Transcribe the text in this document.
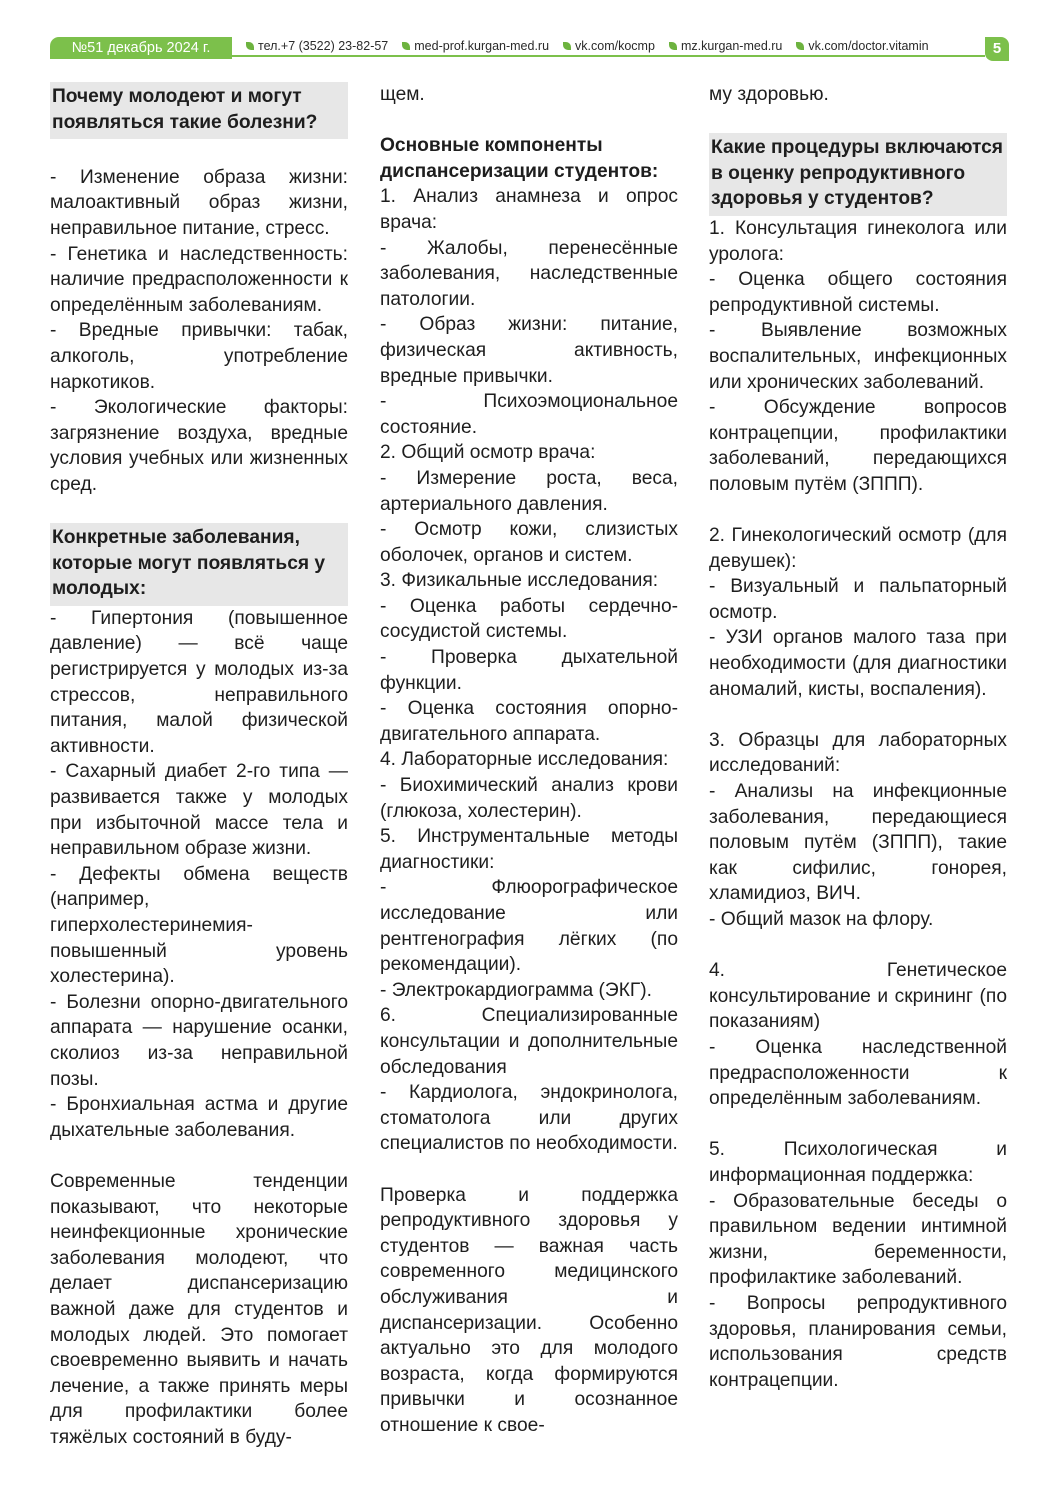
№51 декабрь 2024 г.	тел.+7 (3522) 23-82-57 med-prof.kurgan-med.ru vk.com/kocmp mz.kurgan-med.ru vk.com/doctor.vitamin	5

Почему молодеют и могут появляться такие болезни?

- Изменение образа жизни: малоактивный образ жизни, неправильное питание, стресс.

- Генетика и наследственность: наличие предрасположенности к определённым заболеваниям.

- Вредные привычки: табак, алкоголь, употребление наркотиков.

- Экологические факторы: загрязнение воздуха, вредные условия учебных или жизненных сред.

Конкретные заболевания, которые могут появляться у молодых:

- Гипертония (повышенное давление) — всё чаще регистрируется у молодых из-за стрессов, неправильного питания, малой физической активности.

- Сахарный диабет 2-го типа — развивается также у молодых при избыточной массе тела и неправильном образе жизни.

- Дефекты обмена веществ (например, гиперхолестеринемия-повышенный уровень холестерина).

- Болезни опорно-двигательного аппарата — нарушение осанки, сколиоз из-за неправильной позы.

- Бронхиальная астма и другие дыхательные заболевания.

Современные тенденции показывают, что некоторые неинфекционные хронические заболевания молодеют, что делает диспансеризацию важной даже для студентов и молодых людей. Это помогает своевременно выявить и начать лечение, а также принять меры для профилактики более тяжёлых состояний в буду-

щем.

Основные компоненты диспансеризации студентов:

1. Анализ анамнеза и опрос врача:

- Жалобы, перенесённые заболевания, наследственные патологии.

- Образ жизни: питание, физическая активность, вредные привычки.

- Психоэмоциональное состояние.

2. Общий осмотр врача:

- Измерение роста, веса, артериального давления.

- Осмотр кожи, слизистых оболочек, органов и систем.

3. Физикальные исследования:

- Оценка работы сердечно-сосудистой системы.

- Проверка дыхательной функции.

- Оценка состояния опорно-двигательного аппарата.

4. Лабораторные исследования:

- Биохимический анализ крови (глюкоза, холестерин).

5. Инструментальные методы диагностики:

- Флюорографическое исследование или рентгенография лёгких (по рекомендации).

- Электрокардиограмма (ЭКГ).

6. Специализированные консультации и дополнительные обследования

- Кардиолога, эндокринолога, стоматолога или других специалистов по необходимости.

Проверка и поддержка репродуктивного здоровья у студентов — важная часть современного медицинского обслуживания и диспансеризации. Особенно актуально это для молодого возраста, когда формируются привычки и осознанное отношение к свое-

му здоровью.

Какие процедуры включаются в оценку репродуктивного здоровья у студентов?

1. Консультация гинеколога или уролога:

- Оценка общего состояния репродуктивной системы.

- Выявление возможных воспалительных, инфекционных или хронических заболеваний.

- Обсуждение вопросов контрацепции, профилактики заболеваний, передающихся половым путём (ЗППП).

2. Гинекологический осмотр (для девушек):

- Визуальный и пальпаторный осмотр.

- УЗИ органов малого таза при необходимости (для диагностики аномалий, кисты, воспаления).

3. Образцы для лабораторных исследований:

- Анализы на инфекционные заболевания, передающиеся половым путём (ЗППП), такие как сифилис, гонорея, хламидиоз, ВИЧ.

- Общий мазок на флору.

4. Генетическое консультирование и скрининг (по показаниям)

- Оценка наследственной предрасположенности к определённым заболеваниям.

5. Психологическая и информационная поддержка:

- Образовательные беседы о правильном ведении интимной жизни, беременности, профилактике заболеваний.

- Вопросы репродуктивного здоровья, планирования семьи, использования средств контрацепции.
